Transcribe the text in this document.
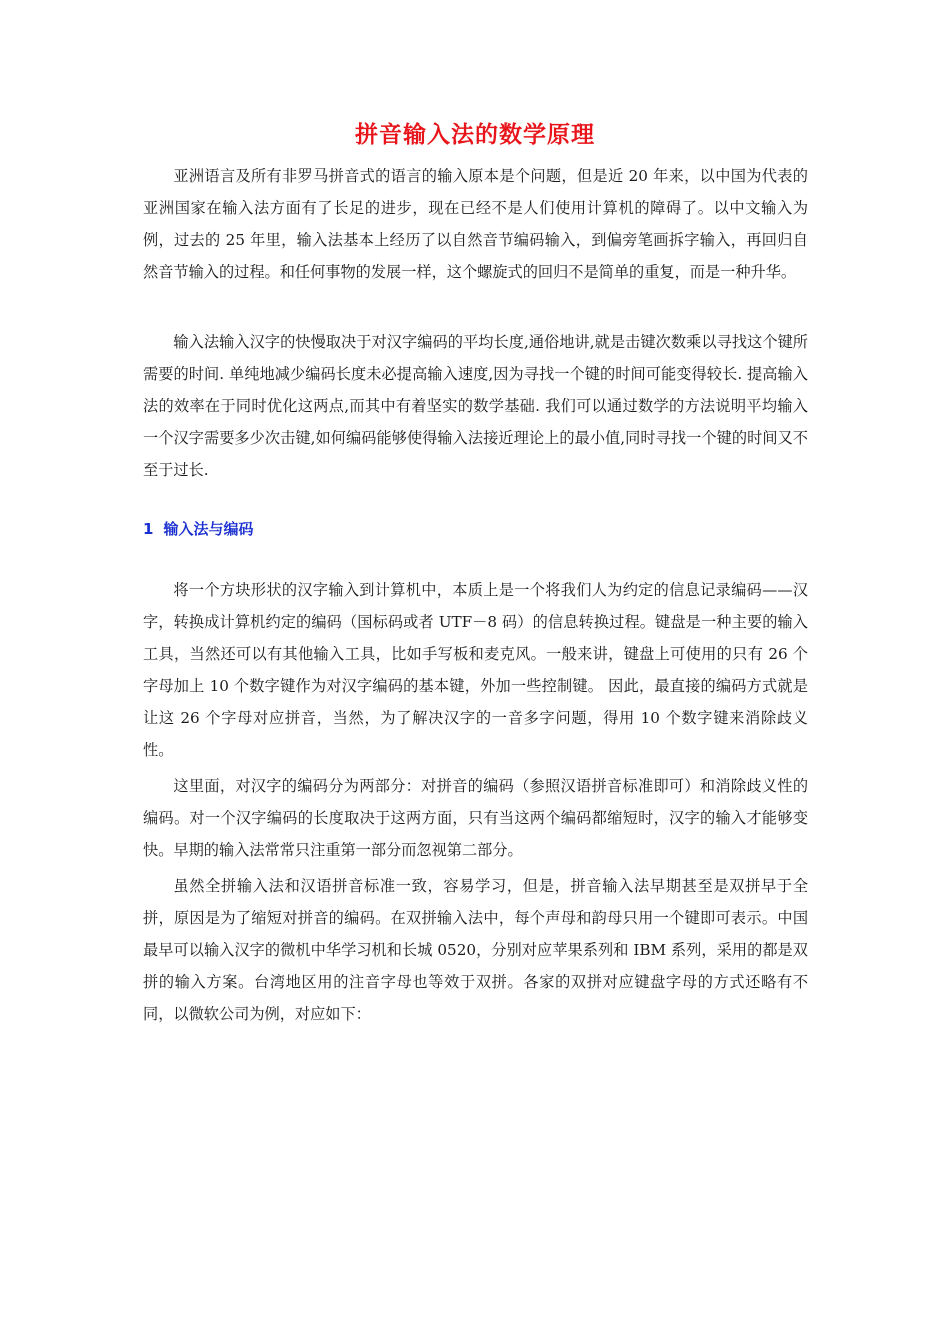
拼音输入法的数学原理

亚洲语言及所有非罗马拼音式的语言的输入原本是个问题，但是近 20 年来，以中国为代表的亚洲国家在输入法方面有了长足的进步，现在已经不是人们使用计算机的障碍了。以中文输入为例，过去的 25 年里，输入法基本上经历了以自然音节编码输入，到偏旁笔画拆字输入，再回归自然音节输入的过程。和任何事物的发展一样，这个螺旋式的回归不是简单的重复，而是一种升华。

输入法输入汉字的快慢取决于对汉字编码的平均长度,通俗地讲,就是击键次数乘以寻找这个键所需要的时间. 单纯地减少编码长度未必提高输入速度,因为寻找一个键的时间可能变得较长. 提高输入法的效率在于同时优化这两点,而其中有着坚实的数学基础. 我们可以通过数学的方法说明平均输入一个汉字需要多少次击键,如何编码能够使得输入法接近理论上的最小值,同时寻找一个键的时间又不至于过长.

1 输入法与编码

将一个方块形状的汉字输入到计算机中，本质上是一个将我们人为约定的信息记录编码——汉字，转换成计算机约定的编码（国标码或者 UTF－8 码）的信息转换过程。键盘是一种主要的输入工具，当然还可以有其他输入工具，比如手写板和麦克风。一般来讲，键盘上可使用的只有 26 个字母加上 10 个数字键作为对汉字编码的基本键，外加一些控制键。 因此，最直接的编码方式就是让这 26 个字母对应拼音，当然，为了解决汉字的一音多字问题，得用 10 个数字键来消除歧义性。

这里面，对汉字的编码分为两部分：对拼音的编码（参照汉语拼音标准即可）和消除歧义性的编码。对一个汉字编码的长度取决于这两方面，只有当这两个编码都缩短时，汉字的输入才能够变快。早期的输入法常常只注重第一部分而忽视第二部分。

虽然全拼输入法和汉语拼音标准一致，容易学习，但是，拼音输入法早期甚至是双拼早于全拼，原因是为了缩短对拼音的编码。在双拼输入法中，每个声母和韵母只用一个键即可表示。中国最早可以输入汉字的微机中华学习机和长城 0520，分别对应苹果系列和 IBM 系列，采用的都是双拼的输入方案。台湾地区用的注音字母也等效于双拼。各家的双拼对应键盘字母的方式还略有不同，以微软公司为例，对应如下：
